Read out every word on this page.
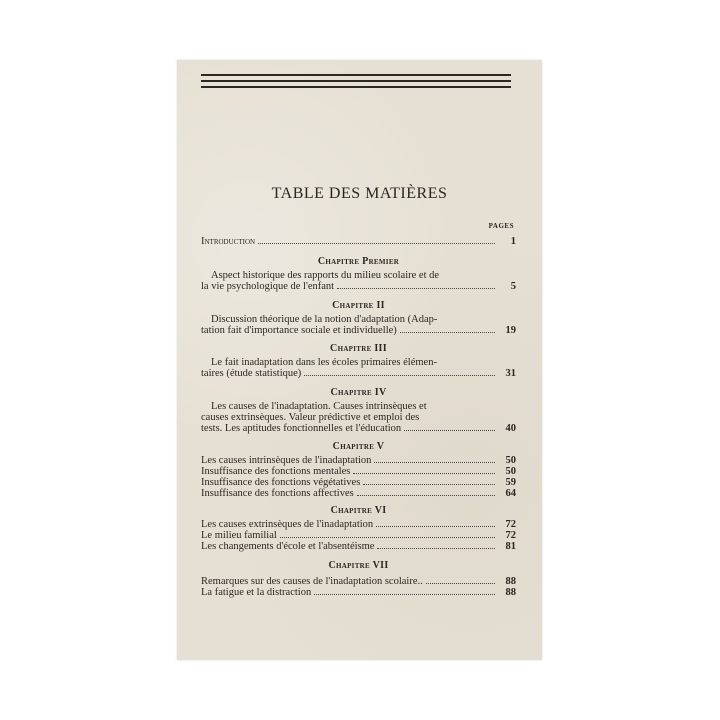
TABLE DES MATIÈRES
PAGES
Introduction	1
Chapitre Premier
Aspect historique des rapports du milieu scolaire et de
la vie psychologique de l'enfant	5
Chapitre II
Discussion théorique de la notion d'adaptation (Adap-
tation fait d'importance sociale et individuelle)	19
Chapitre III
Le fait inadaptation dans les écoles primaires élémen-
taires (étude statistique)	31
Chapitre IV
Les causes de l'inadaptation. Causes intrinsèques et
causes extrinsèques. Valeur prédictive et emploi des
tests. Les aptitudes fonctionnelles et l'éducation	40
Chapitre V
Les causes intrinsèques de l'inadaptation	50
Insuffisance des fonctions mentales	50
Insuffisance des fonctions végétatives	59
Insuffisance des fonctions affectives	64
Chapitre VI
Les causes extrinsèques de l'inadaptation	72
Le milieu familial	72
Les changements d'école et l'absentéisme	81
Chapitre VII
Remarques sur des causes de l'inadaptation scolaire..	88
La fatigue et la distraction	88
